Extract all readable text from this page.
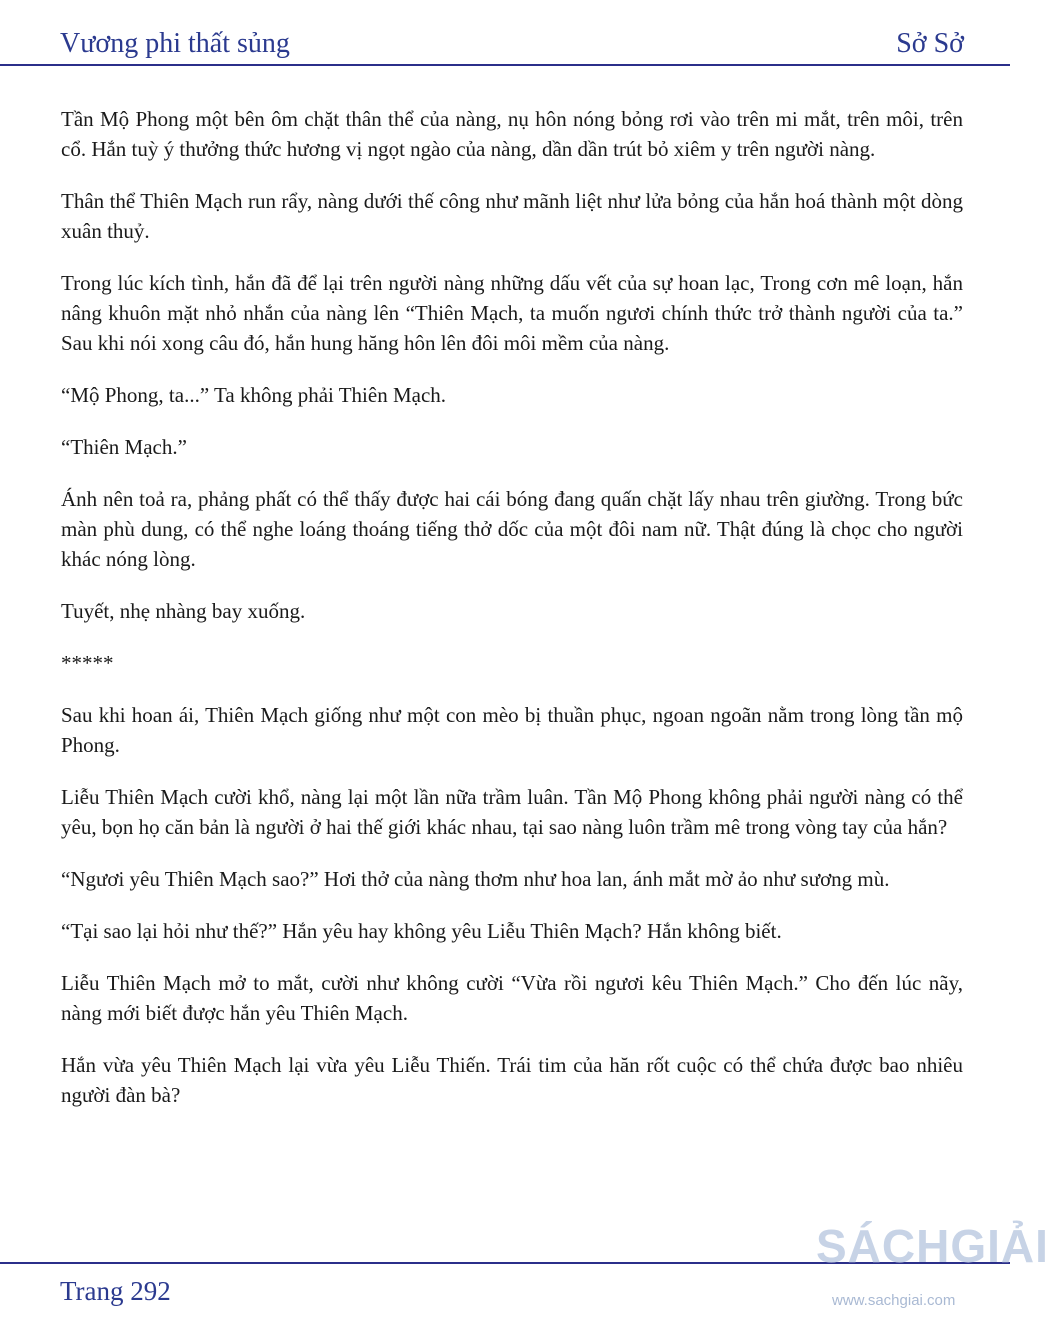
Vương phi thất sủng	Sở Sở

Tần Mộ Phong một bên ôm chặt thân thể của nàng, nụ hôn nóng bỏng rơi vào trên mi mắt, trên môi, trên cổ. Hắn tuỳ ý thưởng thức hương vị ngọt ngào của nàng, dần dần trút bỏ xiêm y trên người nàng.

Thân thể Thiên Mạch run rẩy, nàng dưới thế công như mãnh liệt như lửa bỏng của hắn hoá thành một dòng xuân thuỷ.

Trong lúc kích tình, hắn đã để lại trên người nàng những dấu vết của sự hoan lạc, Trong cơn mê loạn, hắn nâng khuôn mặt nhỏ nhắn của nàng lên “Thiên Mạch, ta muốn ngươi chính thức trở thành người của ta.” Sau khi nói xong câu đó, hắn hung hăng hôn lên đôi môi mềm của nàng.

“Mộ Phong, ta...” Ta không phải Thiên Mạch.

“Thiên Mạch.”

Ánh nên toả ra, phảng phất có thể thấy được hai cái bóng đang quấn chặt lấy nhau trên giường. Trong bức màn phù dung, có thể nghe loáng thoáng tiếng thở dốc của một đôi nam nữ. Thật đúng là chọc cho người khác nóng lòng.

Tuyết, nhẹ nhàng bay xuống.

*****

Sau khi hoan ái, Thiên Mạch giống như một con mèo bị thuần phục, ngoan ngoãn nằm trong lòng tần mộ Phong.

Liễu Thiên Mạch cười khổ, nàng lại một lần nữa trầm luân. Tần Mộ Phong không phải người nàng có thể yêu, bọn họ căn bản là người ở hai thế giới khác nhau, tại sao nàng luôn trầm mê trong vòng tay của hắn?

“Ngươi yêu Thiên Mạch sao?” Hơi thở của nàng thơm như hoa lan, ánh mắt mờ ảo như sương mù.

“Tại sao lại hỏi như thế?” Hắn yêu hay không yêu Liễu Thiên Mạch? Hắn không biết.

Liễu Thiên Mạch mở to mắt, cười như không cười “Vừa rồi ngươi kêu Thiên Mạch.” Cho đến lúc nãy, nàng mới biết được hắn yêu Thiên Mạch.

Hắn vừa yêu Thiên Mạch lại vừa yêu Liễu Thiến. Trái tim của hăn rốt cuộc có thể chứa được bao nhiêu người đàn bà?

Trang 292
SÁCHGIẢI
www.sachgiai.com
